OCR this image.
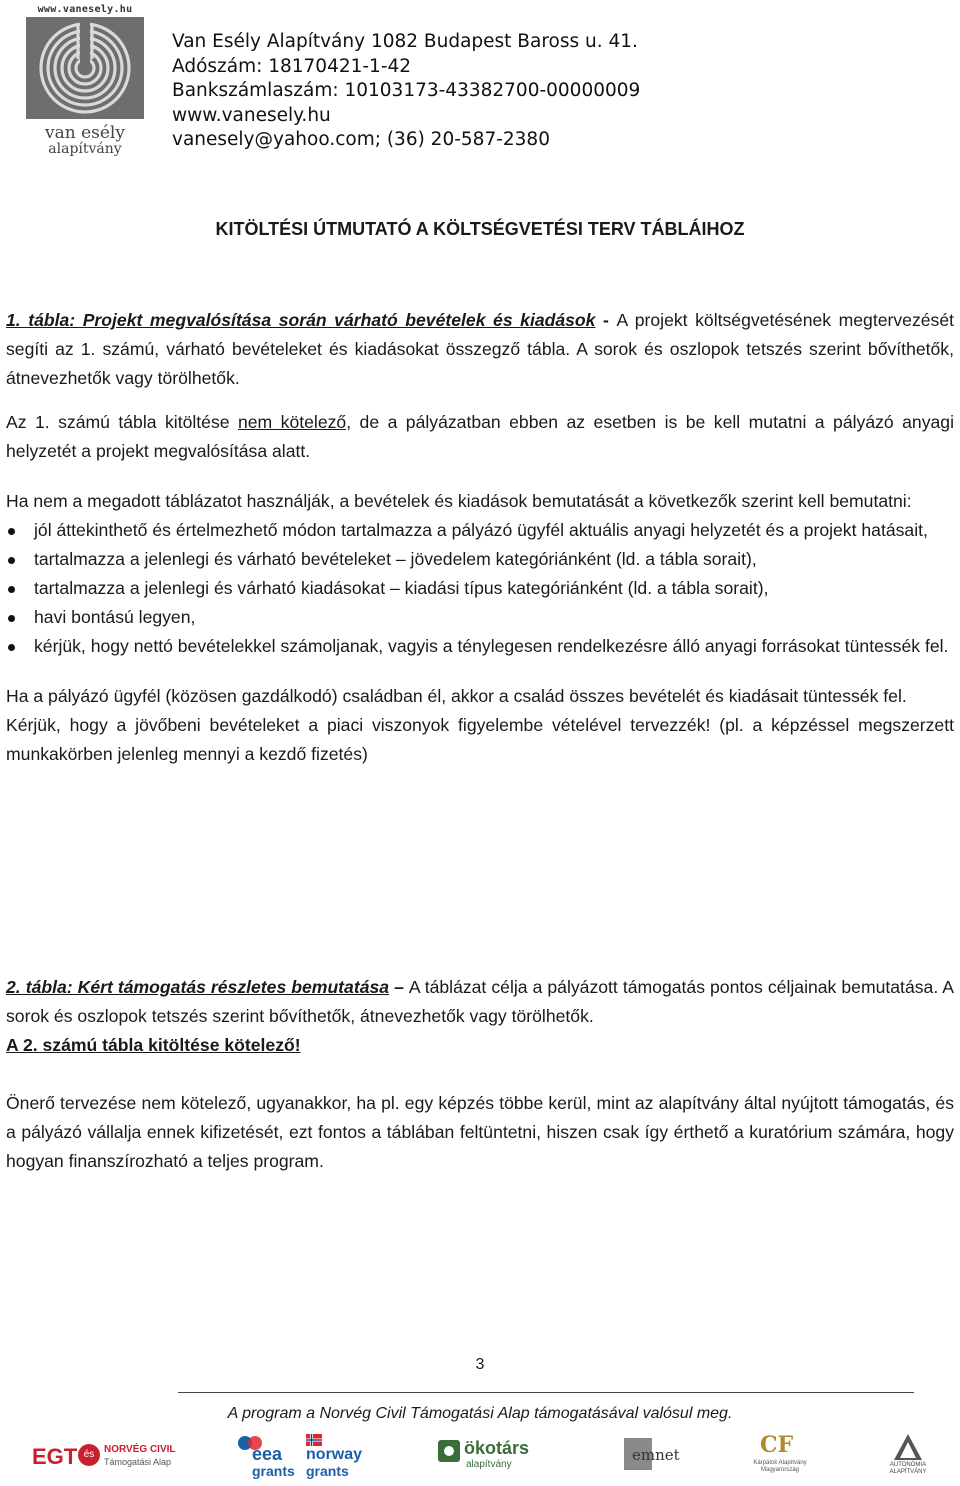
www.vanesely.hu
van esély
alapítvány
Van Esély Alapítvány 1082 Budapest Baross u. 41.
Adószám: 18170421-1-42
Bankszámlaszám: 10103173-43382700-00000009
www.vanesely.hu
vanesely@yahoo.com; (36) 20-587-2380
KITÖLTÉSI ÚTMUTATÓ A KÖLTSÉGVETÉSI TERV TÁBLÁIHOZ

1. tábla: Projekt megvalósítása során várható bevételek és kiadások - A projekt költségvetésének megtervezését segíti az 1. számú, várható bevételeket és kiadásokat összegző tábla. A sorok és oszlopok tetszés szerint bővíthetők, átnevezhetők vagy törölhetők.

Az 1. számú tábla kitöltése nem kötelező, de a pályázatban ebben az esetben is be kell mutatni a pályázó anyagi helyzetét a projekt megvalósítása alatt.

Ha nem a megadott táblázatot használják, a bevételek és kiadások bemutatását a következők szerint kell bemutatni:

jól áttekinthető és értelmezhető módon tartalmazza a pályázó ügyfél aktuális anyagi helyzetét és a projekt hatásait,

tartalmazza a jelenlegi és várható bevételeket – jövedelem kategóriánként (ld. a tábla sorait),

tartalmazza a jelenlegi és várható kiadásokat – kiadási típus kategóriánként (ld. a tábla sorait),

havi bontású legyen,

kérjük, hogy nettó bevételekkel számoljanak, vagyis a ténylegesen rendelkezésre álló anyagi forrásokat tüntessék fel.

Ha a pályázó ügyfél (közösen gazdálkodó) családban él, akkor a család összes bevételét és kiadásait tüntessék fel.

Kérjük, hogy a jövőbeni bevételeket a piaci viszonyok figyelembe vételével tervezzék! (pl. a képzéssel megszerzett munkakörben jelenleg mennyi a kezdő fizetés)

2. tábla: Kért támogatás részletes bemutatása – A táblázat célja a pályázott támogatás pontos céljainak bemutatása. A sorok és oszlopok tetszés szerint bővíthetők, átnevezhetők vagy törölhetők.

A 2. számú tábla kitöltése kötelező!

Önerő tervezése nem kötelező, ugyanakkor, ha pl. egy képzés többe kerül, mint az alapítvány által nyújtott támogatás, és a pályázó vállalja ennek kifizetését, ezt fontos a táblában feltüntetni, hiszen csak így érthető a kuratórium számára, hogy hogyan finanszírozható a teljes program.

3
A program a Norvég Civil Támogatási Alap támogatásával valósul meg.
EGT és NORVÉG CIVIL
Támogatási Alap	eea
grants
norway
grants
ökotárs
alapítvány
emnet	CF
Kárpátok Alapítvány Magyarország
AUTONÓMIA ALAPÍTVÁNY
